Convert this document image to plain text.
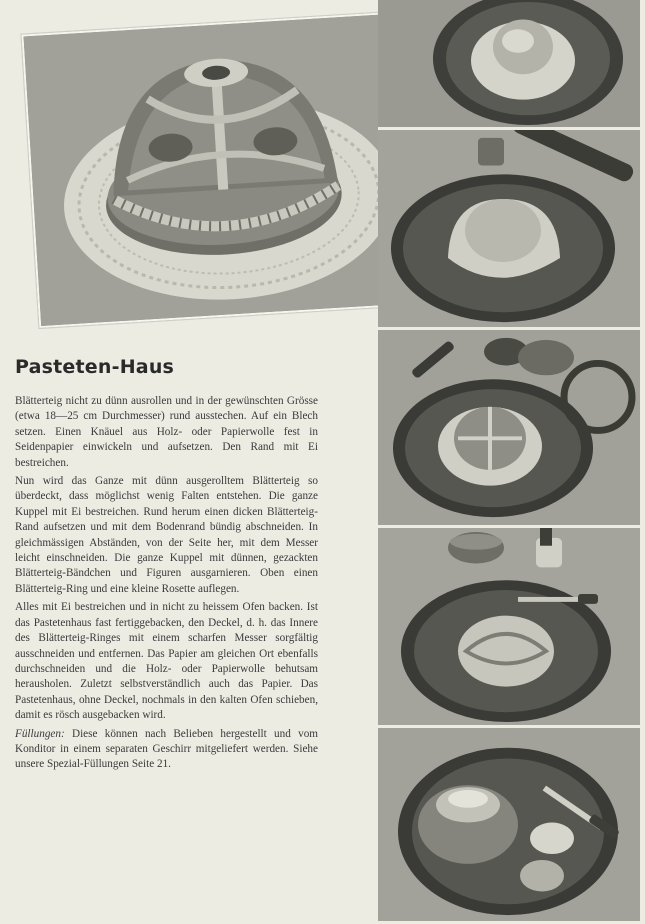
Pasteten-Haus

Blätterteig nicht zu dünn ausrollen und in der gewünschten Grösse (etwa 18—25 cm Durchmesser) rund ausstechen. Auf ein Blech setzen. Einen Knäuel aus Holz- oder Papierwolle fest in Seidenpapier einwickeln und aufsetzen. Den Rand mit Ei bestreichen.

Nun wird das Ganze mit dünn ausgerolltem Blätterteig so überdeckt, dass möglichst wenig Falten entstehen. Die ganze Kuppel mit Ei bestreichen. Rund herum einen dicken Blätterteig-Rand aufsetzen und mit dem Bodenrand bündig abschneiden. In gleichmässigen Abständen, von der Seite her, mit dem Messer leicht einschneiden. Die ganze Kuppel mit dünnen, gezackten Blätterteig-Bändchen und Figuren ausgarnieren. Oben einen Blätterteig-Ring und eine kleine Rosette auflegen.

Alles mit Ei bestreichen und in nicht zu heissem Ofen backen. Ist das Pastetenhaus fast fertiggebacken, den Deckel, d. h. das Innere des Blätterteig-Ringes mit einem scharfen Messer sorgfältig ausschneiden und entfernen. Das Papier am gleichen Ort ebenfalls durchschneiden und die Holz- oder Papierwolle behutsam herausholen. Zuletzt selbstverständlich auch das Papier. Das Pastetenhaus, ohne Deckel, nochmals in den kalten Ofen schieben, damit es rösch ausgebacken wird.

Füllungen: Diese können nach Belieben hergestellt und vom Konditor in einem separaten Geschirr mitgeliefert werden. Siehe unsere Spezial-Füllungen Seite 21.
